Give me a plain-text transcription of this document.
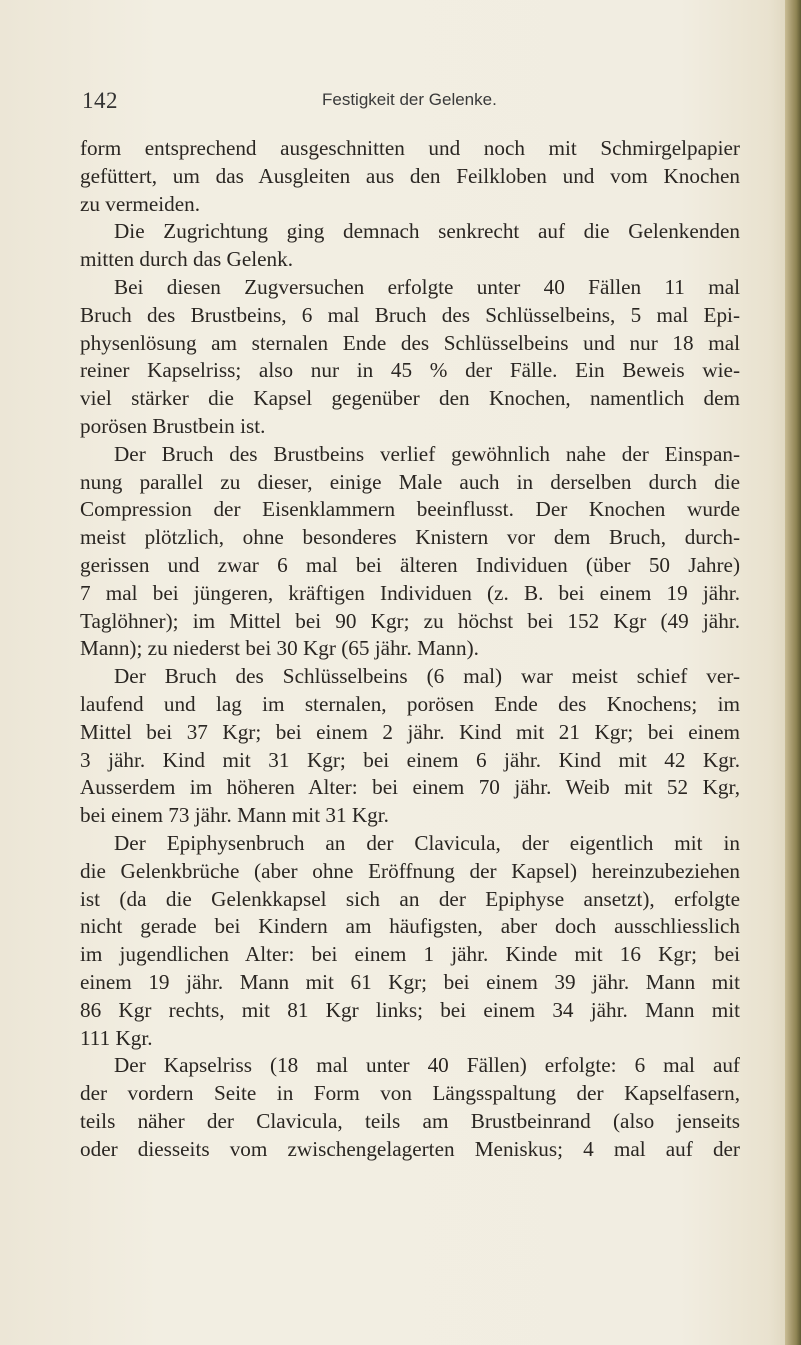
142	Festigkeit der Gelenke.
form entsprechend ausgeschnitten und noch mit Schmirgelpapier
gefüttert, um das Ausgleiten aus den Feilkloben und vom Knochen
zu vermeiden.
Die Zugrichtung ging demnach senkrecht auf die Gelenkenden
mitten durch das Gelenk.
Bei diesen Zugversuchen erfolgte unter 40 Fällen 11 mal
Bruch des Brustbeins, 6 mal Bruch des Schlüsselbeins, 5 mal Epi-
physenlösung am sternalen Ende des Schlüsselbeins und nur 18 mal
reiner Kapselriss; also nur in 45 % der Fälle. Ein Beweis wie-
viel stärker die Kapsel gegenüber den Knochen, namentlich dem
porösen Brustbein ist.
Der Bruch des Brustbeins verlief gewöhnlich nahe der Einspan-
nung parallel zu dieser, einige Male auch in derselben durch die
Compression der Eisenklammern beeinflusst. Der Knochen wurde
meist plötzlich, ohne besonderes Knistern vor dem Bruch, durch-
gerissen und zwar 6 mal bei älteren Individuen (über 50 Jahre)
7 mal bei jüngeren, kräftigen Individuen (z. B. bei einem 19 jähr.
Taglöhner); im Mittel bei 90 Kgr; zu höchst bei 152 Kgr (49 jähr.
Mann); zu niederst bei 30 Kgr (65 jähr. Mann).
Der Bruch des Schlüsselbeins (6 mal) war meist schief ver-
laufend und lag im sternalen, porösen Ende des Knochens; im
Mittel bei 37 Kgr; bei einem 2 jähr. Kind mit 21 Kgr; bei einem
3 jähr. Kind mit 31 Kgr; bei einem 6 jähr. Kind mit 42 Kgr.
Ausserdem im höheren Alter: bei einem 70 jähr. Weib mit 52 Kgr,
bei einem 73 jähr. Mann mit 31 Kgr.
Der Epiphysenbruch an der Clavicula, der eigentlich mit in
die Gelenkbrüche (aber ohne Eröffnung der Kapsel) hereinzubeziehen
ist (da die Gelenkkapsel sich an der Epiphyse ansetzt), erfolgte
nicht gerade bei Kindern am häufigsten, aber doch ausschliesslich
im jugendlichen Alter: bei einem 1 jähr. Kinde mit 16 Kgr; bei
einem 19 jähr. Mann mit 61 Kgr; bei einem 39 jähr. Mann mit
86 Kgr rechts, mit 81 Kgr links; bei einem 34 jähr. Mann mit
111 Kgr.
Der Kapselriss (18 mal unter 40 Fällen) erfolgte: 6 mal auf
der vordern Seite in Form von Längsspaltung der Kapselfasern,
teils näher der Clavicula, teils am Brustbeinrand (also jenseits
oder diesseits vom zwischengelagerten Meniskus; 4 mal auf der
